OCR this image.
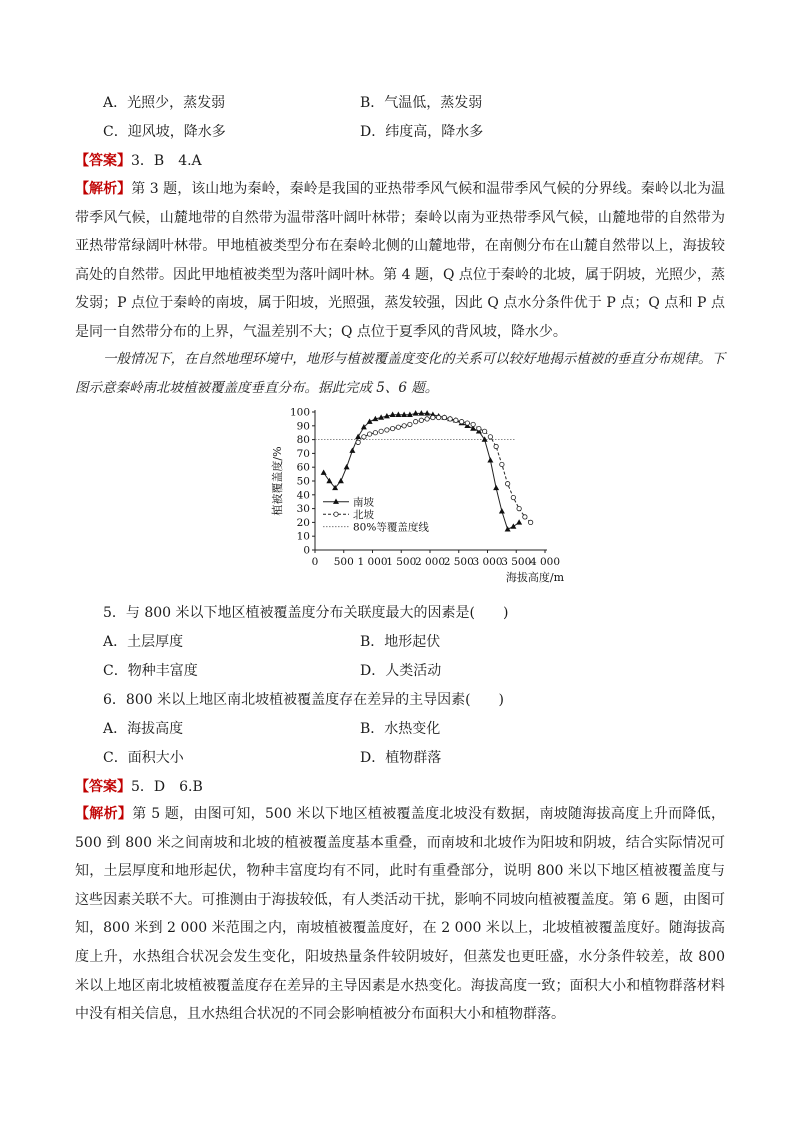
A．光照少，蒸发弱	B．气温低，蒸发弱
C．迎风坡，降水多	D．纬度高，降水多
【答案】3．B　4.A
【解析】第 3 题，该山地为秦岭，秦岭是我国的亚热带季风气候和温带季风气候的分界线。秦岭以北为温带季风气候，山麓地带的自然带为温带落叶阔叶林带；秦岭以南为亚热带季风气候，山麓地带的自然带为亚热带常绿阔叶林带。甲地植被类型分布在秦岭北侧的山麓地带，在南侧分布在山麓自然带以上，海拔较高处的自然带。因此甲地植被类型为落叶阔叶林。第 4 题，Q 点位于秦岭的北坡，属于阴坡，光照少，蒸发弱；P 点位于秦岭的南坡，属于阳坡，光照强，蒸发较强，因此 Q 点水分条件优于 P 点；Q 点和 P 点是同一自然带分布的上界，气温差别不大；Q 点位于夏季风的背风坡，降水少。
一般情况下，在自然地理环境中，地形与植被覆盖度变化的关系可以较好地揭示植被的垂直分布规律。下图示意秦岭南北坡植被覆盖度垂直分布。据此完成 5、6 题。
0
10
20
30
40
50
60
70
80
90
100
0 500 1 000
1 500
2 000
2 500
3 000
3 500
4 000
植被覆盖度/%
海拔高度/m
南坡
北坡
80%等覆盖度线
5．与 800 米以下地区植被覆盖度分布关联度最大的因素是(　　)
A．土层厚度	B．地形起伏
C．物种丰富度	D．人类活动
6．800 米以上地区南北坡植被覆盖度存在差异的主导因素(　　)
A．海拔高度	B．水热变化
C．面积大小	D．植物群落
【答案】5．D　6.B
【解析】第 5 题，由图可知，500 米以下地区植被覆盖度北坡没有数据，南坡随海拔高度上升而降低，500 到 800 米之间南坡和北坡的植被覆盖度基本重叠，而南坡和北坡作为阳坡和阴坡，结合实际情况可知，土层厚度和地形起伏，物种丰富度均有不同，此时有重叠部分，说明 800 米以下地区植被覆盖度与这些因素关联不大。可推测由于海拔较低，有人类活动干扰，影响不同坡向植被覆盖度。第 6 题，由图可知，800 米到 2 000 米范围之内，南坡植被覆盖度好，在 2 000 米以上，北坡植被覆盖度好。随海拔高度上升，水热组合状况会发生变化，阳坡热量条件较阴坡好，但蒸发也更旺盛，水分条件较差，故 800 米以上地区南北坡植被覆盖度存在差异的主导因素是水热变化。海拔高度一致；面积大小和植物群落材料中没有相关信息，且水热组合状况的不同会影响植被分布面积大小和植物群落。
